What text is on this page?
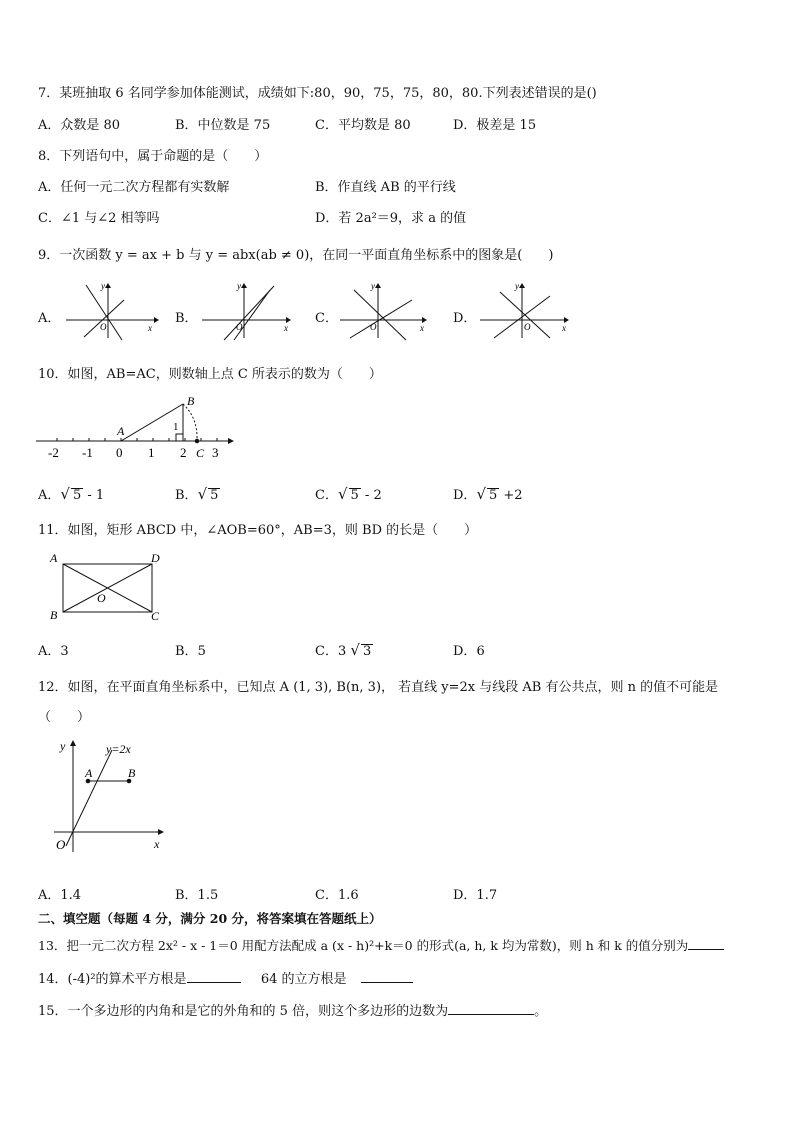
7．某班抽取 6 名同学参加体能测试，成绩如下:80，90，75，75，80，80.下列表述错误的是()
A．众数是 80	B．中位数是 75	C．平均数是 80	D．极差是 15
8．下列语句中，属于命题的是（　　）
A．任何一元二次方程都有实数解	B．作直线 AB 的平行线
C．∠1 与∠2 相等吗	D．若 2a²＝9，求 a 的值
9．一次函数 y = ax + b 与 y = abx(ab ≠ 0)，在同一平面直角坐标系中的图象是(　　)
A．
x
y
O
B．
x
y
O
C．
x
y
O
D．
x
y
O
10．如图，AB=AC，则数轴上点 C 所表示的数为（　　）
-2 -1 0 1 2 3
A
B
C
1
A．√ 5 - 1	B．√ 5	C．√ 5 - 2	D．√ 5 +2
11．如图，矩形 ABCD 中，∠AOB=60°，AB=3，则 BD 的长是（　　）
A
B	C
D
O
A．3	B．5	C．3 √ 3	D．6
12．如图，在平面直角坐标系中，已知点 A (1, 3), B(n, 3)， 若直线 y=2x 与线段 AB 有公共点，则 n 的值不可能是
（　　）
y=2x
A	B
O	x
y
A．1.4	B．1.5	C．1.6	D．1.7
二、填空题（每题 4 分，满分 20 分，将答案填在答题纸上）
13．把一元二次方程 2x² - x - 1＝0 用配方法配成 a (x - h)²+k＝0 的形式(a, h, k 均为常数)，则 h 和 k 的值分别为
14．(-4)²的算术平方根是	64 的立方根是
15．一个多边形的内角和是它的外角和的 5 倍，则这个多边形的边数为	。
